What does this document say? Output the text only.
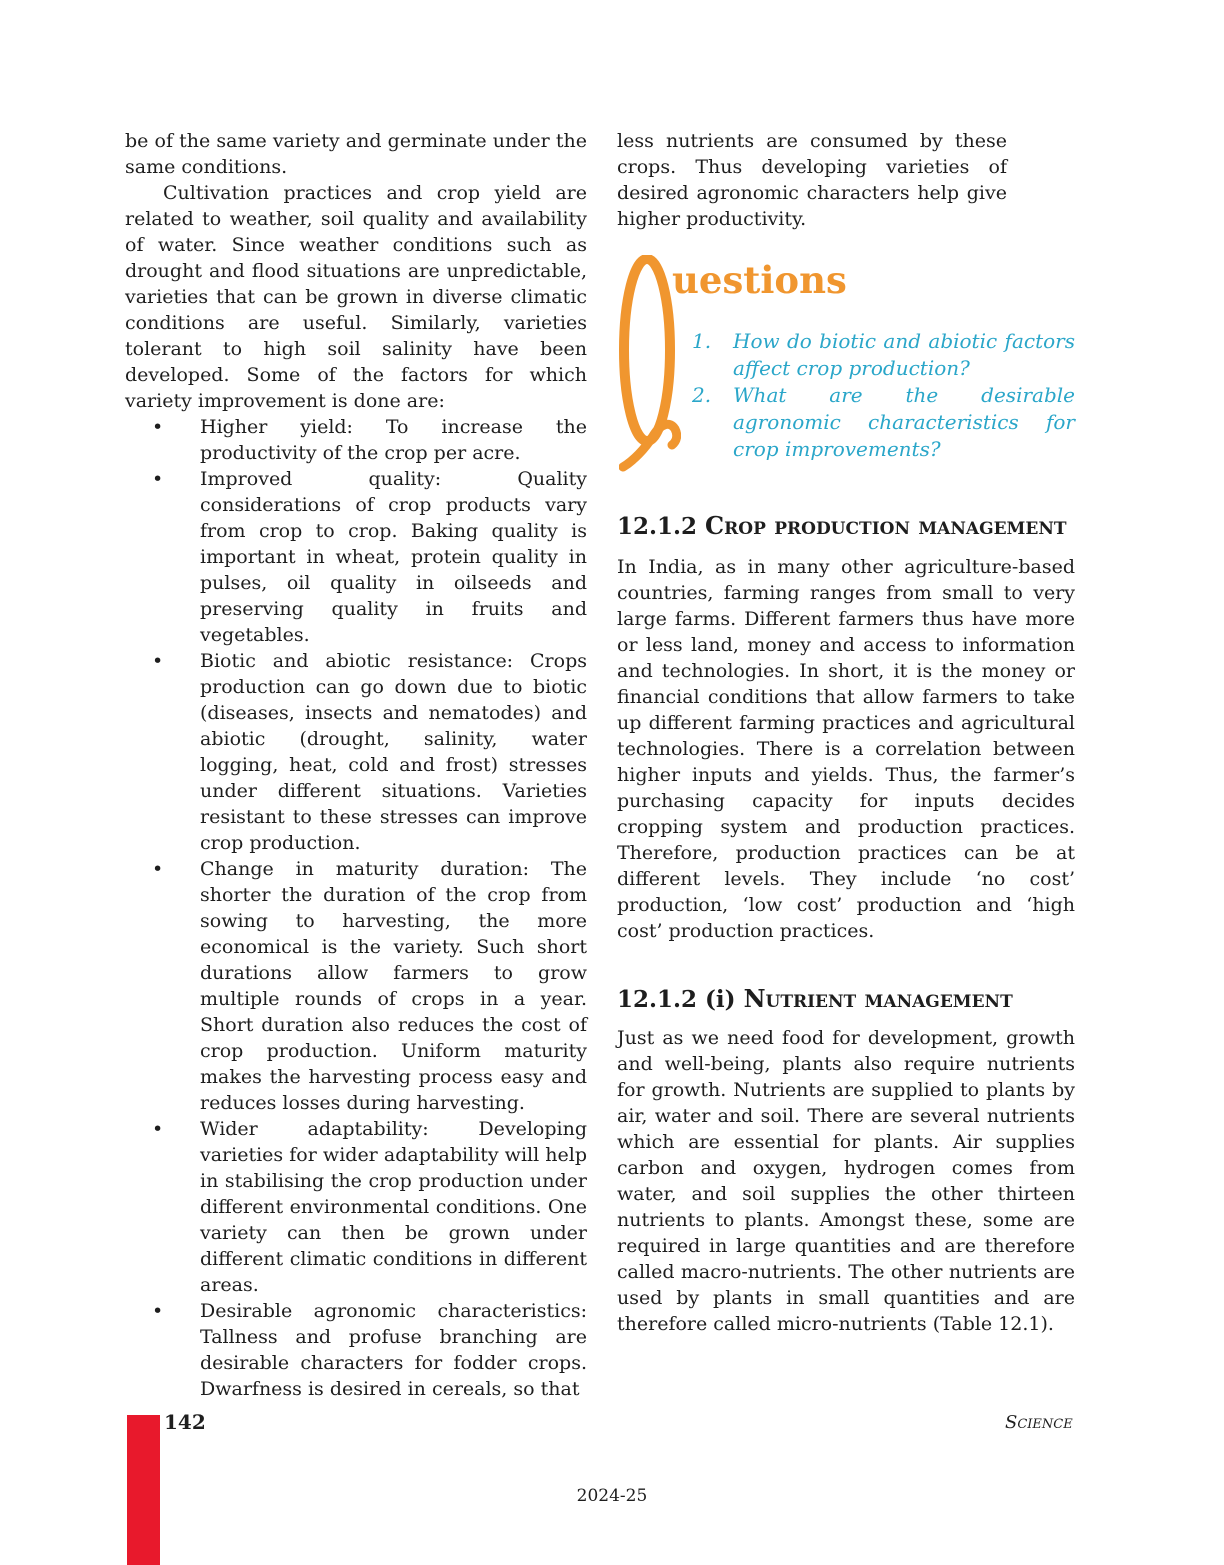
be of the same variety and germinate under the same conditions.

Cultivation practices and crop yield are related to weather, soil quality and availability of water. Since weather conditions such as drought and flood situations are unpredictable, varieties that can be grown in diverse climatic conditions are useful. Similarly, varieties tolerant to high soil salinity have been developed. Some of the factors for which variety improvement is done are:

•	Higher yield: To increase the productivity of the crop per acre.
•	Improved quality: Quality considerations of crop products vary from crop to crop. Baking quality is important in wheat, protein quality in pulses, oil quality in oilseeds and preserving quality in fruits and vegetables.
•	Biotic and abiotic resistance: Crops production can go down due to biotic (diseases, insects and nematodes) and abiotic (drought, salinity, water logging, heat, cold and frost) stresses under different situations. Varieties resistant to these stresses can improve crop production.
•	Change in maturity duration: The shorter the duration of the crop from sowing to harvesting, the more economical is the variety. Such short durations allow farmers to grow multiple rounds of crops in a year. Short duration also reduces the cost of crop production. Uniform maturity makes the harvesting process easy and reduces losses during harvesting.
•	Wider adaptability: Developing varieties for wider adaptability will help in stabilising the crop production under different environmental conditions. One variety can then be grown under different climatic conditions in different areas.
•	Desirable agronomic characteristics: Tallness and profuse branching are desirable characters for fodder crops. Dwarfness is desired in cereals, so that

less nutrients are consumed by these crops. Thus developing varieties of desired agronomic characters help give higher productivity.

uestions
1.	How do biotic and abiotic factors affect crop production?
2.	What are the desirable agronomic characteristics for crop improvements?
12.1.2 Crop production management

In India, as in many other agriculture-based countries, farming ranges from small to very large farms. Different farmers thus have more or less land, money and access to information and technologies. In short, it is the money or financial conditions that allow farmers to take up different farming practices and agricultural technologies. There is a correlation between higher inputs and yields. Thus, the farmer’s purchasing capacity for inputs decides cropping system and production practices. Therefore, production practices can be at different levels. They include ‘no cost’ production, ‘low cost’ production and ‘high cost’ production practices.

12.1.2 (i) Nutrient management

Just as we need food for development, growth and well-being, plants also require nutrients for growth. Nutrients are supplied to plants by air, water and soil. There are several nutrients which are essential for plants. Air supplies carbon and oxygen, hydrogen comes from water, and soil supplies the other thirteen nutrients to plants. Amongst these, some are required in large quantities and are therefore called macro-nutrients. The other nutrients are used by plants in small quantities and are therefore called micro-nutrients (Table 12.1).

142	Science
2024-25
